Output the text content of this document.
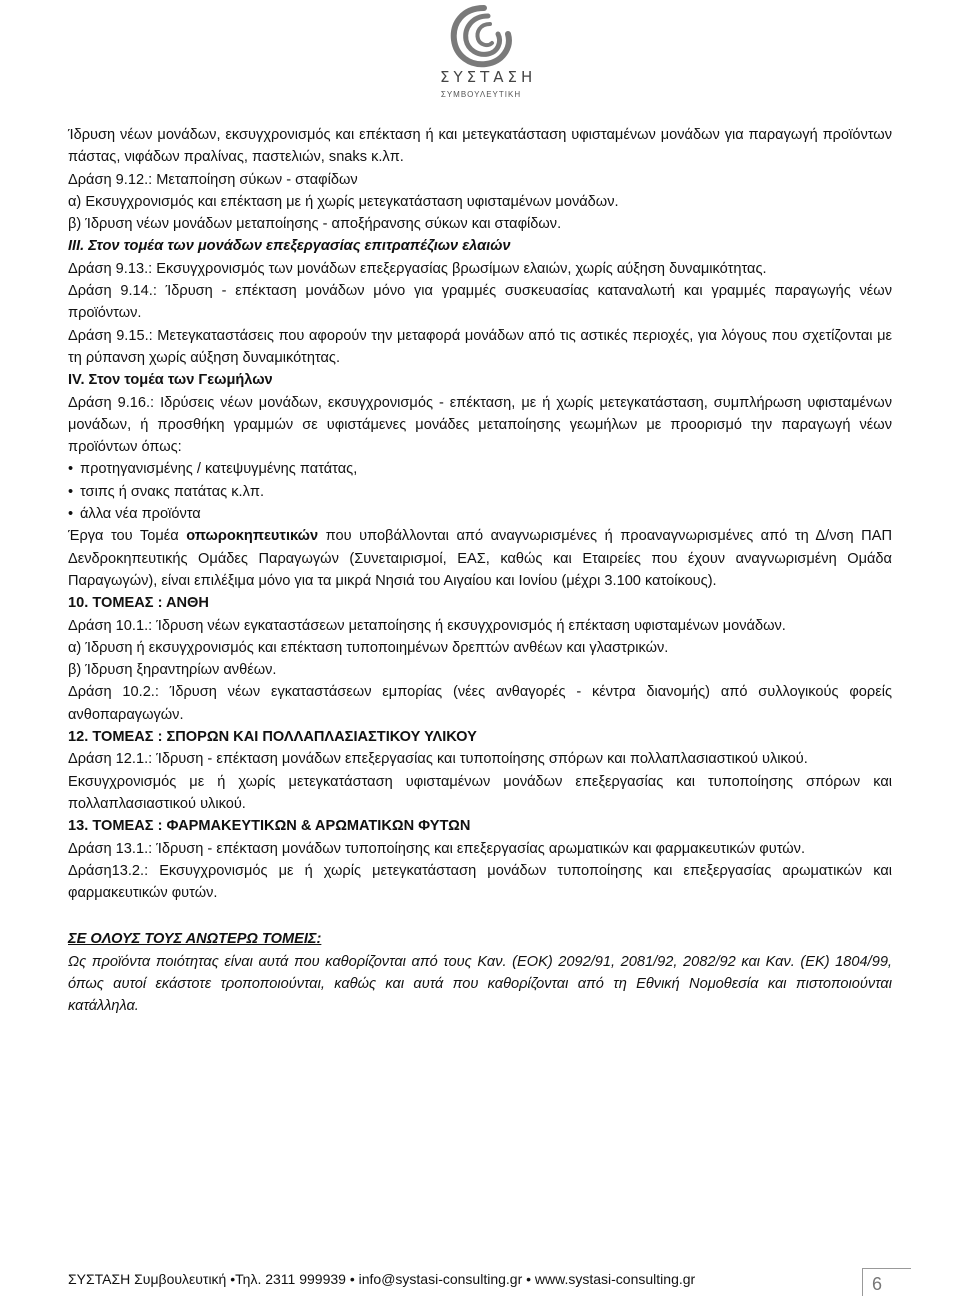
ΣΥΣΤΑΣΗ
ΣΥΜΒΟΥΛΕΥΤΙΚΗ

Ίδρυση νέων μονάδων, εκσυγχρονισμός και επέκταση ή και μετεγκατάσταση υφισταμένων μονάδων για παραγωγή προϊόντων πάστας, νιφάδων πραλίνας, παστελιών, snaks κ.λπ.

Δράση 9.12.: Μεταποίηση σύκων - σταφίδων

α) Εκσυγχρονισμός και επέκταση με ή χωρίς μετεγκατάσταση υφισταμένων μονάδων.

β) Ίδρυση νέων μονάδων μεταποίησης - αποξήρανσης σύκων και σταφίδων.

III. Στον τομέα των μονάδων επεξεργασίας επιτραπέζιων ελαιών

Δράση 9.13.: Εκσυγχρονισμός των μονάδων επεξεργασίας βρωσίμων ελαιών, χωρίς αύξηση δυναμικότητας.

Δράση 9.14.: Ίδρυση - επέκταση μονάδων μόνο για γραμμές συσκευασίας καταναλωτή και γραμμές παραγωγής νέων προϊόντων.

Δράση 9.15.: Μετεγκαταστάσεις που αφορούν την μεταφορά μονάδων από τις αστικές περιοχές, για λόγους που σχετίζονται με τη ρύπανση χωρίς αύξηση δυναμικότητας.

IV. Στον τομέα των Γεωμήλων

Δράση 9.16.: Ιδρύσεις νέων μονάδων, εκσυγχρονισμός - επέκταση, με ή χωρίς μετεγκατάσταση, συμπλήρωση υφισταμένων μονάδων, ή προσθήκη γραμμών σε υφιστάμενες μονάδες μεταποίησης γεωμήλων με προορισμό την παραγωγή νέων προϊόντων όπως:

• προτηγανισμένης / κατεψυγμένης πατάτας,

• τσιπς ή σνακς πατάτας κ.λπ.

• άλλα νέα προϊόντα

Έργα του Τομέα οπωροκηπευτικών που υποβάλλονται από αναγνωρισμένες ή προαναγνωρισμένες από τη Δ/νση ΠΑΠ Δενδροκηπευτικής Ομάδες Παραγωγών (Συνεταιρισμοί, ΕΑΣ, καθώς και Εταιρείες που έχουν αναγνωρισμένη Ομάδα Παραγωγών), είναι επιλέξιμα μόνο για τα μικρά Νησιά του Αιγαίου και Ιονίου (μέχρι 3.100 κατοίκους).

10. ΤΟΜΕΑΣ : ΑΝΘΗ

Δράση 10.1.: Ίδρυση νέων εγκαταστάσεων μεταποίησης ή εκσυγχρονισμός ή επέκταση υφισταμένων μονάδων.

α) Ίδρυση ή εκσυγχρονισμός και επέκταση τυποποιημένων δρεπτών ανθέων και γλαστρικών.

β) Ίδρυση ξηραντηρίων ανθέων.

Δράση 10.2.: Ίδρυση νέων εγκαταστάσεων εμπορίας (νέες ανθαγορές - κέντρα διανομής) από συλλογικούς φορείς ανθοπαραγωγών.

12. ΤΟΜΕΑΣ : ΣΠΟΡΩΝ ΚΑΙ ΠΟΛΛΑΠΛΑΣΙΑΣΤΙΚΟΥ ΥΛΙΚΟΥ

Δράση 12.1.: Ίδρυση - επέκταση μονάδων επεξεργασίας και τυποποίησης σπόρων και πολλαπλασιαστικού υλικού.

Εκσυγχρονισμός με ή χωρίς μετεγκατάσταση υφισταμένων μονάδων επεξεργασίας και τυποποίησης σπόρων και πολλαπλασιαστικού υλικού.

13. ΤΟΜΕΑΣ : ΦΑΡΜΑΚΕΥΤΙΚΩΝ & ΑΡΩΜΑΤΙΚΩΝ ΦΥΤΩΝ

Δράση 13.1.: Ίδρυση - επέκταση μονάδων τυποποίησης και επεξεργασίας αρωματικών και φαρμακευτικών φυτών.

Δράση13.2.: Εκσυγχρονισμός με ή χωρίς μετεγκατάσταση μονάδων τυποποίησης και επεξεργασίας αρωματικών και φαρμακευτικών φυτών.

ΣΕ ΟΛΟΥΣ ΤΟΥΣ ΑΝΩΤΕΡΩ ΤΟΜΕΙΣ:

Ως προϊόντα ποιότητας είναι αυτά που καθορίζονται από τους Καν. (ΕΟΚ) 2092/91, 2081/92, 2082/92 και Καν. (ΕΚ) 1804/99, όπως αυτοί εκάστοτε τροποποιούνται, καθώς και αυτά που καθορίζονται από τη Εθνική Νομοθεσία και πιστοποιούνται κατάλληλα.

ΣΥΣΤΑΣΗ Συμβουλευτική •Τηλ. 2311 999939 • info@systasi-consulting.gr • www.systasi-consulting.gr	6
